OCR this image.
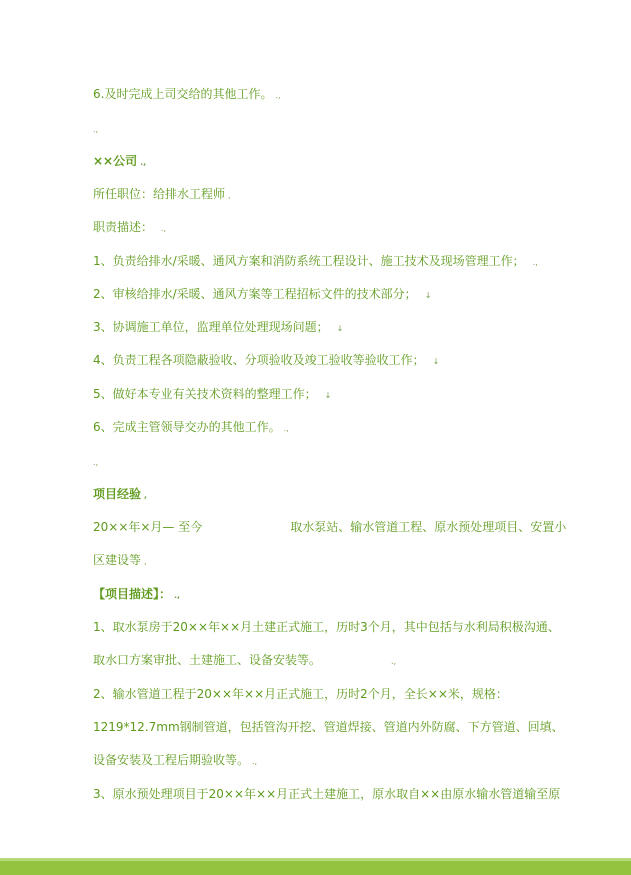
6.及时完成上司交给的其他工作。 .,
.,
××公司 .,
所任职位：给排水工程师 ,
职责描述： .,
1、负责给排水/采暖、通风方案和消防系统工程设计、施工技术及现场管理工作； .,
2、审核给排水/采暖、通风方案等工程招标文件的技术部分； ↓
3、协调施工单位，监理单位处理现场问题； ↓
4、负责工程各项隐蔽验收、分项验收及竣工验收等验收工作； ↓
5、做好本专业有关技术资料的整理工作； ↓
6、完成主管领导交办的其他工作。 .,
.,
项目经验 ,
20××年×月— 至今	取水泵站、输水管道工程、原水预处理项目、安置小
区建设等 ,
【项目描述】： .,
1、取水泵房于20××年××月土建正式施工，历时3个月，其中包括与水利局积极沟通、
取水口方案审批、土建施工、设备安装等。	.,
2、输水管道工程于20××年××月正式施工，历时2个月，全长××米，规格：
1219*12.7mm钢制管道，包括管沟开挖、管道焊接、管道内外防腐、下方管道、回填、
设备安装及工程后期验收等。 .,
3、原水预处理项目于20××年××月正式土建施工，原水取自××由原水输水管道输至原
